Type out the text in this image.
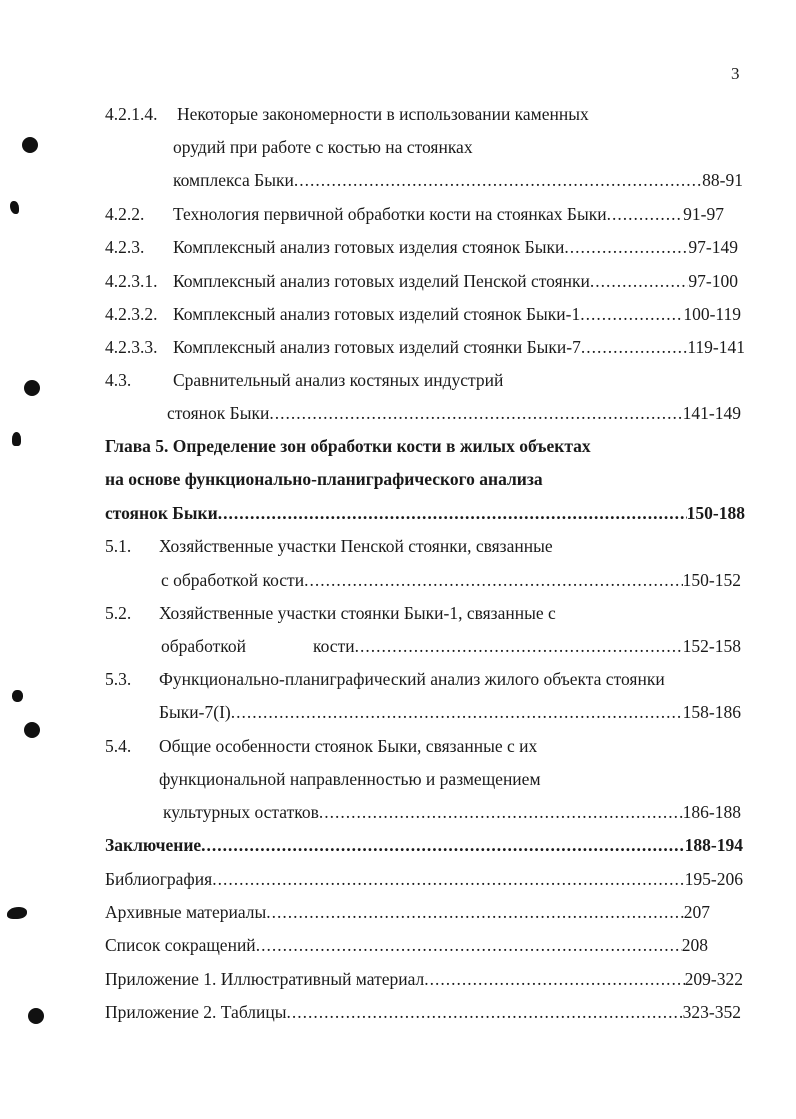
3
4.2.1.4. Некоторые закономерности в использовании каменных
орудий при работе с костью на стоянках
комплекса Быки .....	88-91
4.2.2.	Технология первичной обработки кости на стоянках Быки .....	91-97
4.2.3.	Комплексный анализ готовых изделия стоянок Быки .....	97-149
4.2.3.1. Комплексный анализ готовых изделий Пенской стоянки .....	97-100
4.2.3.2. Комплексный анализ готовых изделий стоянок Быки-1 .....	100-119
4.2.3.3. Комплексный анализ готовых изделий стоянки Быки-7 .....	119-141
4.3. Сравнительный анализ костяных индустрий
стоянок Быки .....	141-149
Глава 5. Определение зон обработки кости в жилых объектах
на основе функционально-планиграфического анализа
стоянок Быки .....	150-188
5.1. Хозяйственные участки Пенской стоянки, связанные
с обработкой кости .....	150-152
5.2. Хозяйственные участки стоянки Быки-1, связанные с
обработкой	кости .....	152-158
5.3. Функционально-планиграфический анализ жилого объекта стоянки
Быки-7(I) .....	158-186
5.4. Общие особенности стоянок Быки, связанные с их
функциональной направленностью и размещением
культурных остатков .....	186-188
Заключение .....	188-194
Библиография .....	195-206
Архивные материалы .....	207
Список сокращений .....	208
Приложение 1. Иллюстративный материал .....	209-322
Приложение 2. Таблицы .....	323-352
